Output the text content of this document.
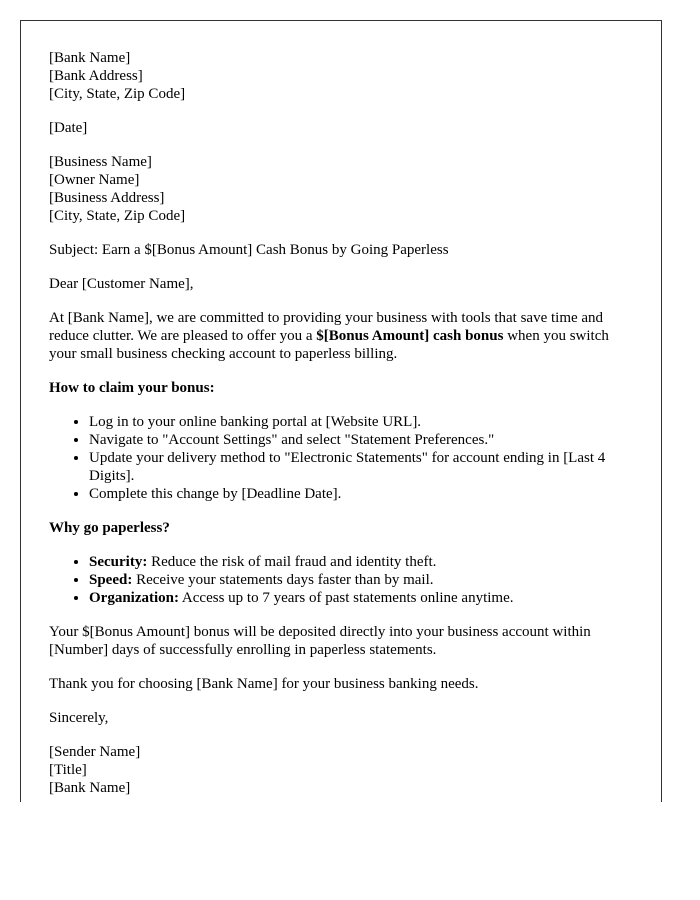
[Bank Name]

[Bank Address]

[City, State, Zip Code]

[Date]

[Business Name]

[Owner Name]

[Business Address]

[City, State, Zip Code]

Subject: Earn a $[Bonus Amount] Cash Bonus by Going Paperless

Dear [Customer Name],

At [Bank Name], we are committed to providing your business with tools that save time and reduce clutter. We are pleased to offer you a $[Bonus Amount] cash bonus when you switch your small business checking account to paperless billing.

How to claim your bonus:

• Log in to your online banking portal at [Website URL].
• Navigate to "Account Settings" and select "Statement Preferences."
• Update your delivery method to "Electronic Statements" for account ending in [Last 4 Digits].
• Complete this change by [Deadline Date].

Why go paperless?

• Security: Reduce the risk of mail fraud and identity theft.
• Speed: Receive your statements days faster than by mail.
• Organization: Access up to 7 years of past statements online anytime.

Your $[Bonus Amount] bonus will be deposited directly into your business account within [Number] days of successfully enrolling in paperless statements.

Thank you for choosing [Bank Name] for your business banking needs.

Sincerely,

[Sender Name]

[Title]

[Bank Name]
